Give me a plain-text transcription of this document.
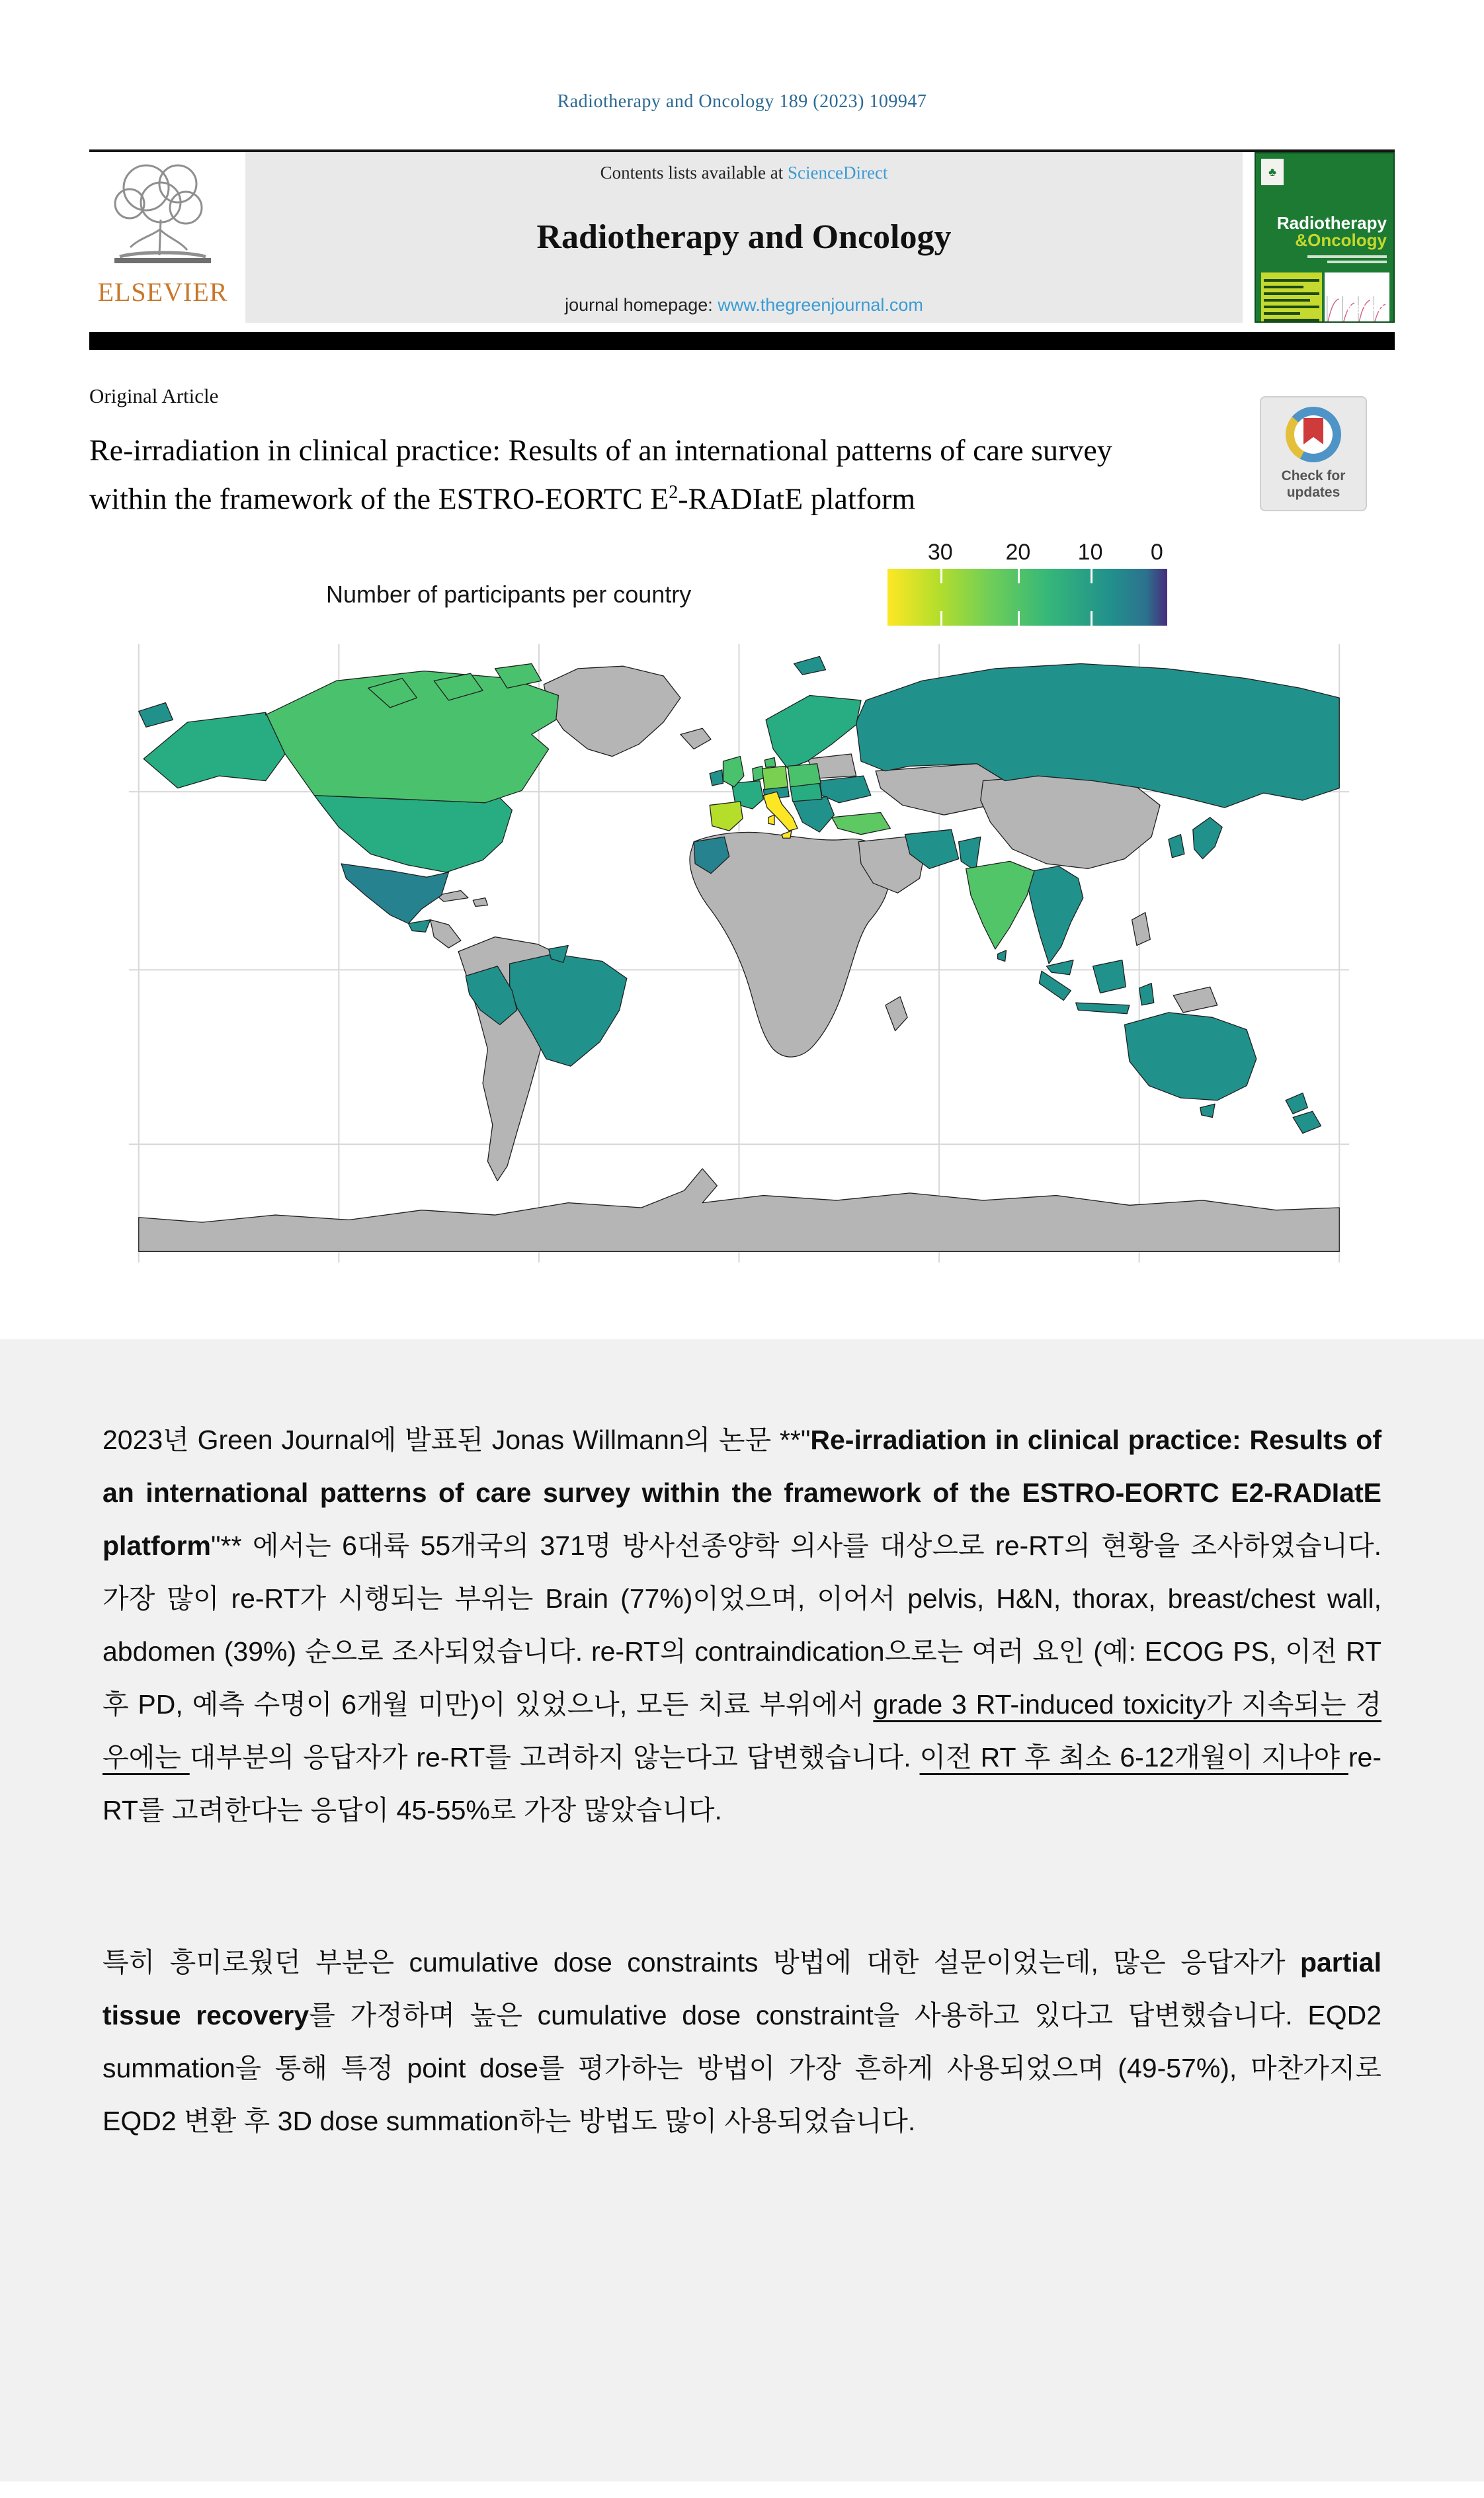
Radiotherapy and Oncology 189 (2023) 109947
ELSEVIER
Contents lists available at ScienceDirect
Radiotherapy and Oncology
journal homepage: www.thegreenjournal.com
♣
Radiotherapy
&Oncology
ESTRO
Original Article
Re-irradiation in clinical practice: Results of an international patterns of care survey within the framework of the ESTRO-EORTC $E^2$-RADIatE platform
Check for
updates
Number of participants per country
30 20 10 0

2023년 Green Journal에 발표된 Jonas Willmann의 논문 **"Re-irradiation in clinical practice: Results of an international patterns of care survey within the framework of the ESTRO-EORTC E2-RADIatE platform"** 에서는 6대륙 55개국의 371명 방사선종양학 의사를 대상으로 re-RT의 현황을 조사하였습니다. 가장 많이 re-RT가 시행되는 부위는 Brain (77%)이었으며, 이어서 pelvis, H&N, thorax, breast/chest wall, abdomen (39%) 순으로 조사되었습니다. re-RT의 contraindication으로는 여러 요인 (예: ECOG PS, 이전 RT 후 PD, 예측 수명이 6개월 미만)이 있었으나, 모든 치료 부위에서 grade 3 RT-induced toxicity가 지속되는 경우에는 대부분의 응답자가 re-RT를 고려하지 않는다고 답변했습니다. 이전 RT 후 최소 6-12개월이 지나야 re-RT를 고려한다는 응답이 45-55%로 가장 많았습니다.

특히 흥미로웠던 부분은 cumulative dose constraints 방법에 대한 설문이었는데, 많은 응답자가 partial tissue recovery를 가정하며 높은 cumulative dose constraint을 사용하고 있다고 답변했습니다. EQD2 summation을 통해 특정 point dose를 평가하는 방법이 가장 흔하게 사용되었으며 (49-57%), 마찬가지로 EQD2 변환 후 3D dose summation하는 방법도 많이 사용되었습니다.
